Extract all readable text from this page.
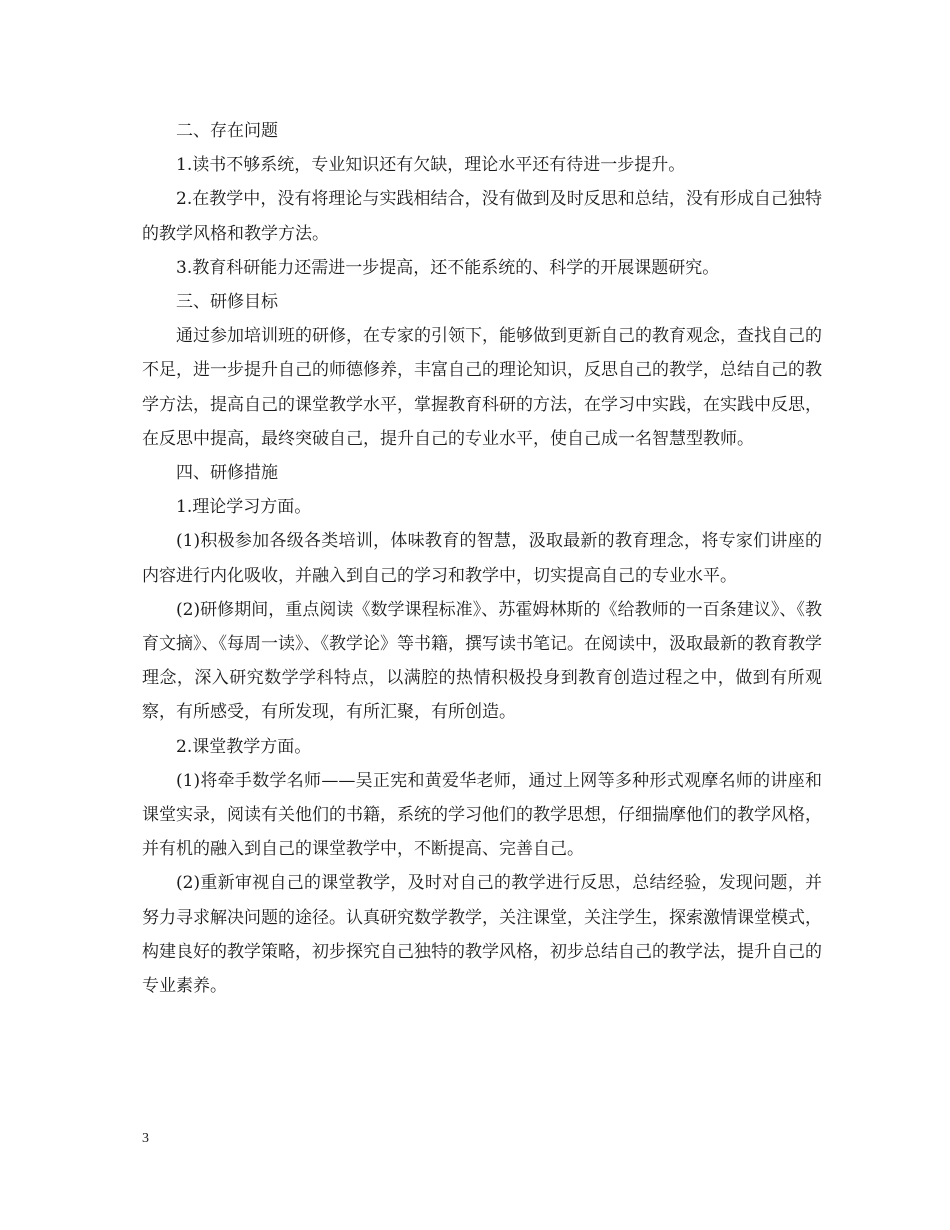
二、存在问题

1.读书不够系统，专业知识还有欠缺，理论水平还有待进一步提升。

2.在教学中，没有将理论与实践相结合，没有做到及时反思和总结，没有形成自己独特的教学风格和教学方法。

3.教育科研能力还需进一步提高，还不能系统的、科学的开展课题研究。

三、研修目标

通过参加培训班的研修，在专家的引领下，能够做到更新自己的教育观念，查找自己的不足，进一步提升自己的师德修养，丰富自己的理论知识，反思自己的教学，总结自己的教学方法，提高自己的课堂教学水平，掌握教育科研的方法，在学习中实践，在实践中反思，在反思中提高，最终突破自己，提升自己的专业水平，使自己成一名智慧型教师。

四、研修措施

1.理论学习方面。

(1)积极参加各级各类培训，体味教育的智慧，汲取最新的教育理念，将专家们讲座的内容进行内化吸收，并融入到自己的学习和教学中，切实提高自己的专业水平。

(2)研修期间，重点阅读《数学课程标准》、苏霍姆林斯的《给教师的一百条建议》、《教育文摘》、《每周一读》、《教学论》等书籍，撰写读书笔记。在阅读中，汲取最新的教育教学理念，深入研究数学学科特点，以满腔的热情积极投身到教育创造过程之中，做到有所观察，有所感受，有所发现，有所汇聚，有所创造。

2.课堂教学方面。

(1)将牵手数学名师——吴正宪和黄爱华老师，通过上网等多种形式观摩名师的讲座和课堂实录，阅读有关他们的书籍，系统的学习他们的教学思想，仔细揣摩他们的教学风格，并有机的融入到自己的课堂教学中，不断提高、完善自己。

(2)重新审视自己的课堂教学，及时对自己的教学进行反思，总结经验，发现问题，并努力寻求解决问题的途径。认真研究数学教学，关注课堂，关注学生，探索激情课堂模式，构建良好的教学策略，初步探究自己独特的教学风格，初步总结自己的教学法，提升自己的专业素养。

3
